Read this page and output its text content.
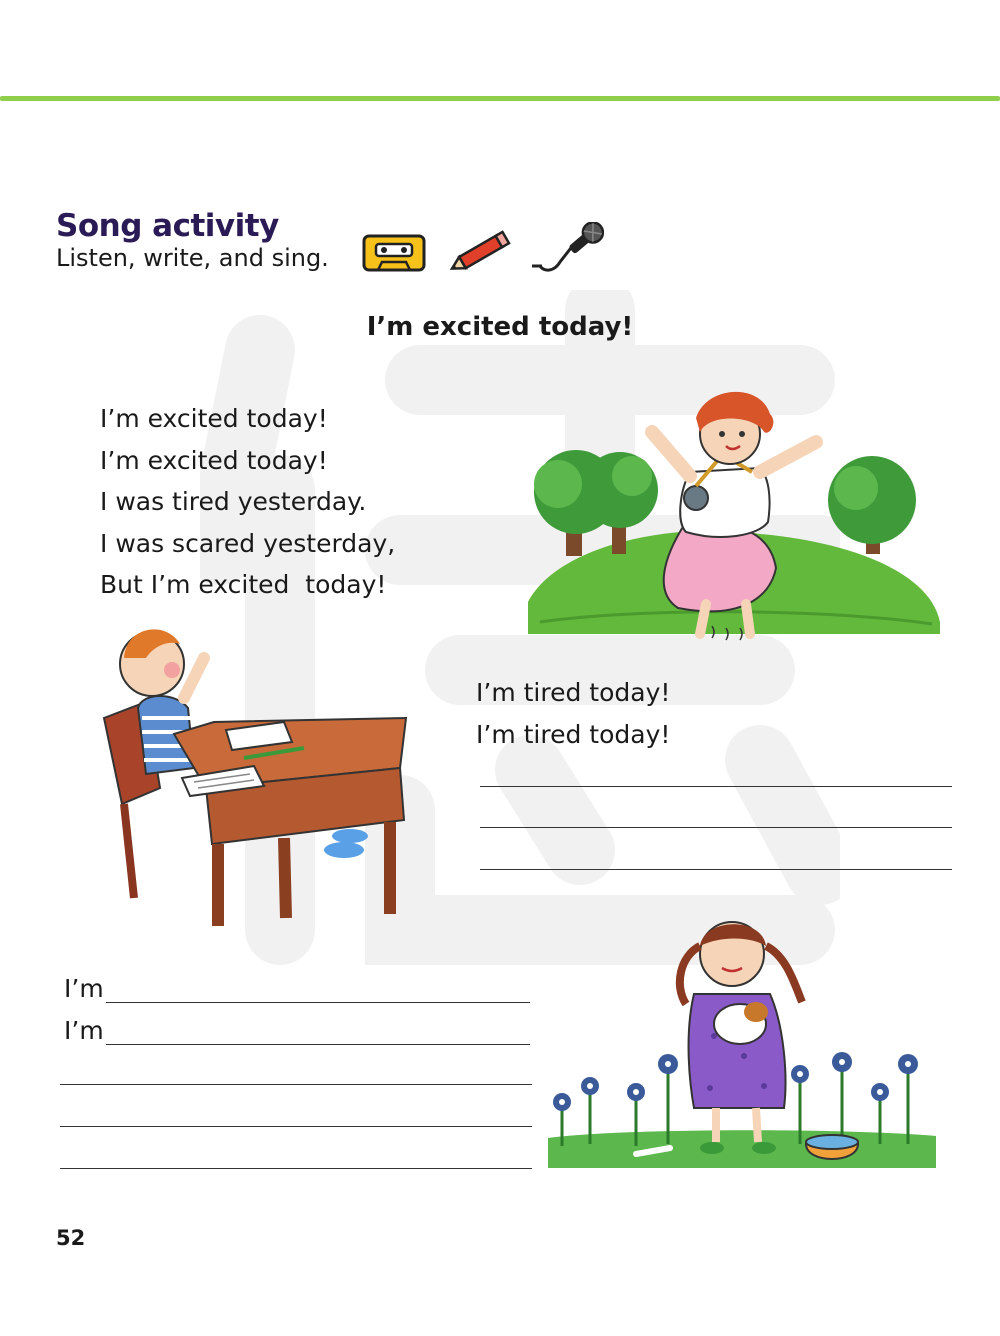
Song activity
Listen, write, and sing.
I’m excited today!
I’m excited today!
I’m excited today!
I was tired yesterday.
I was scared yesterday,
But I’m excited  today!
I’m tired today!
I’m tired today!
I’m
I’m
52
